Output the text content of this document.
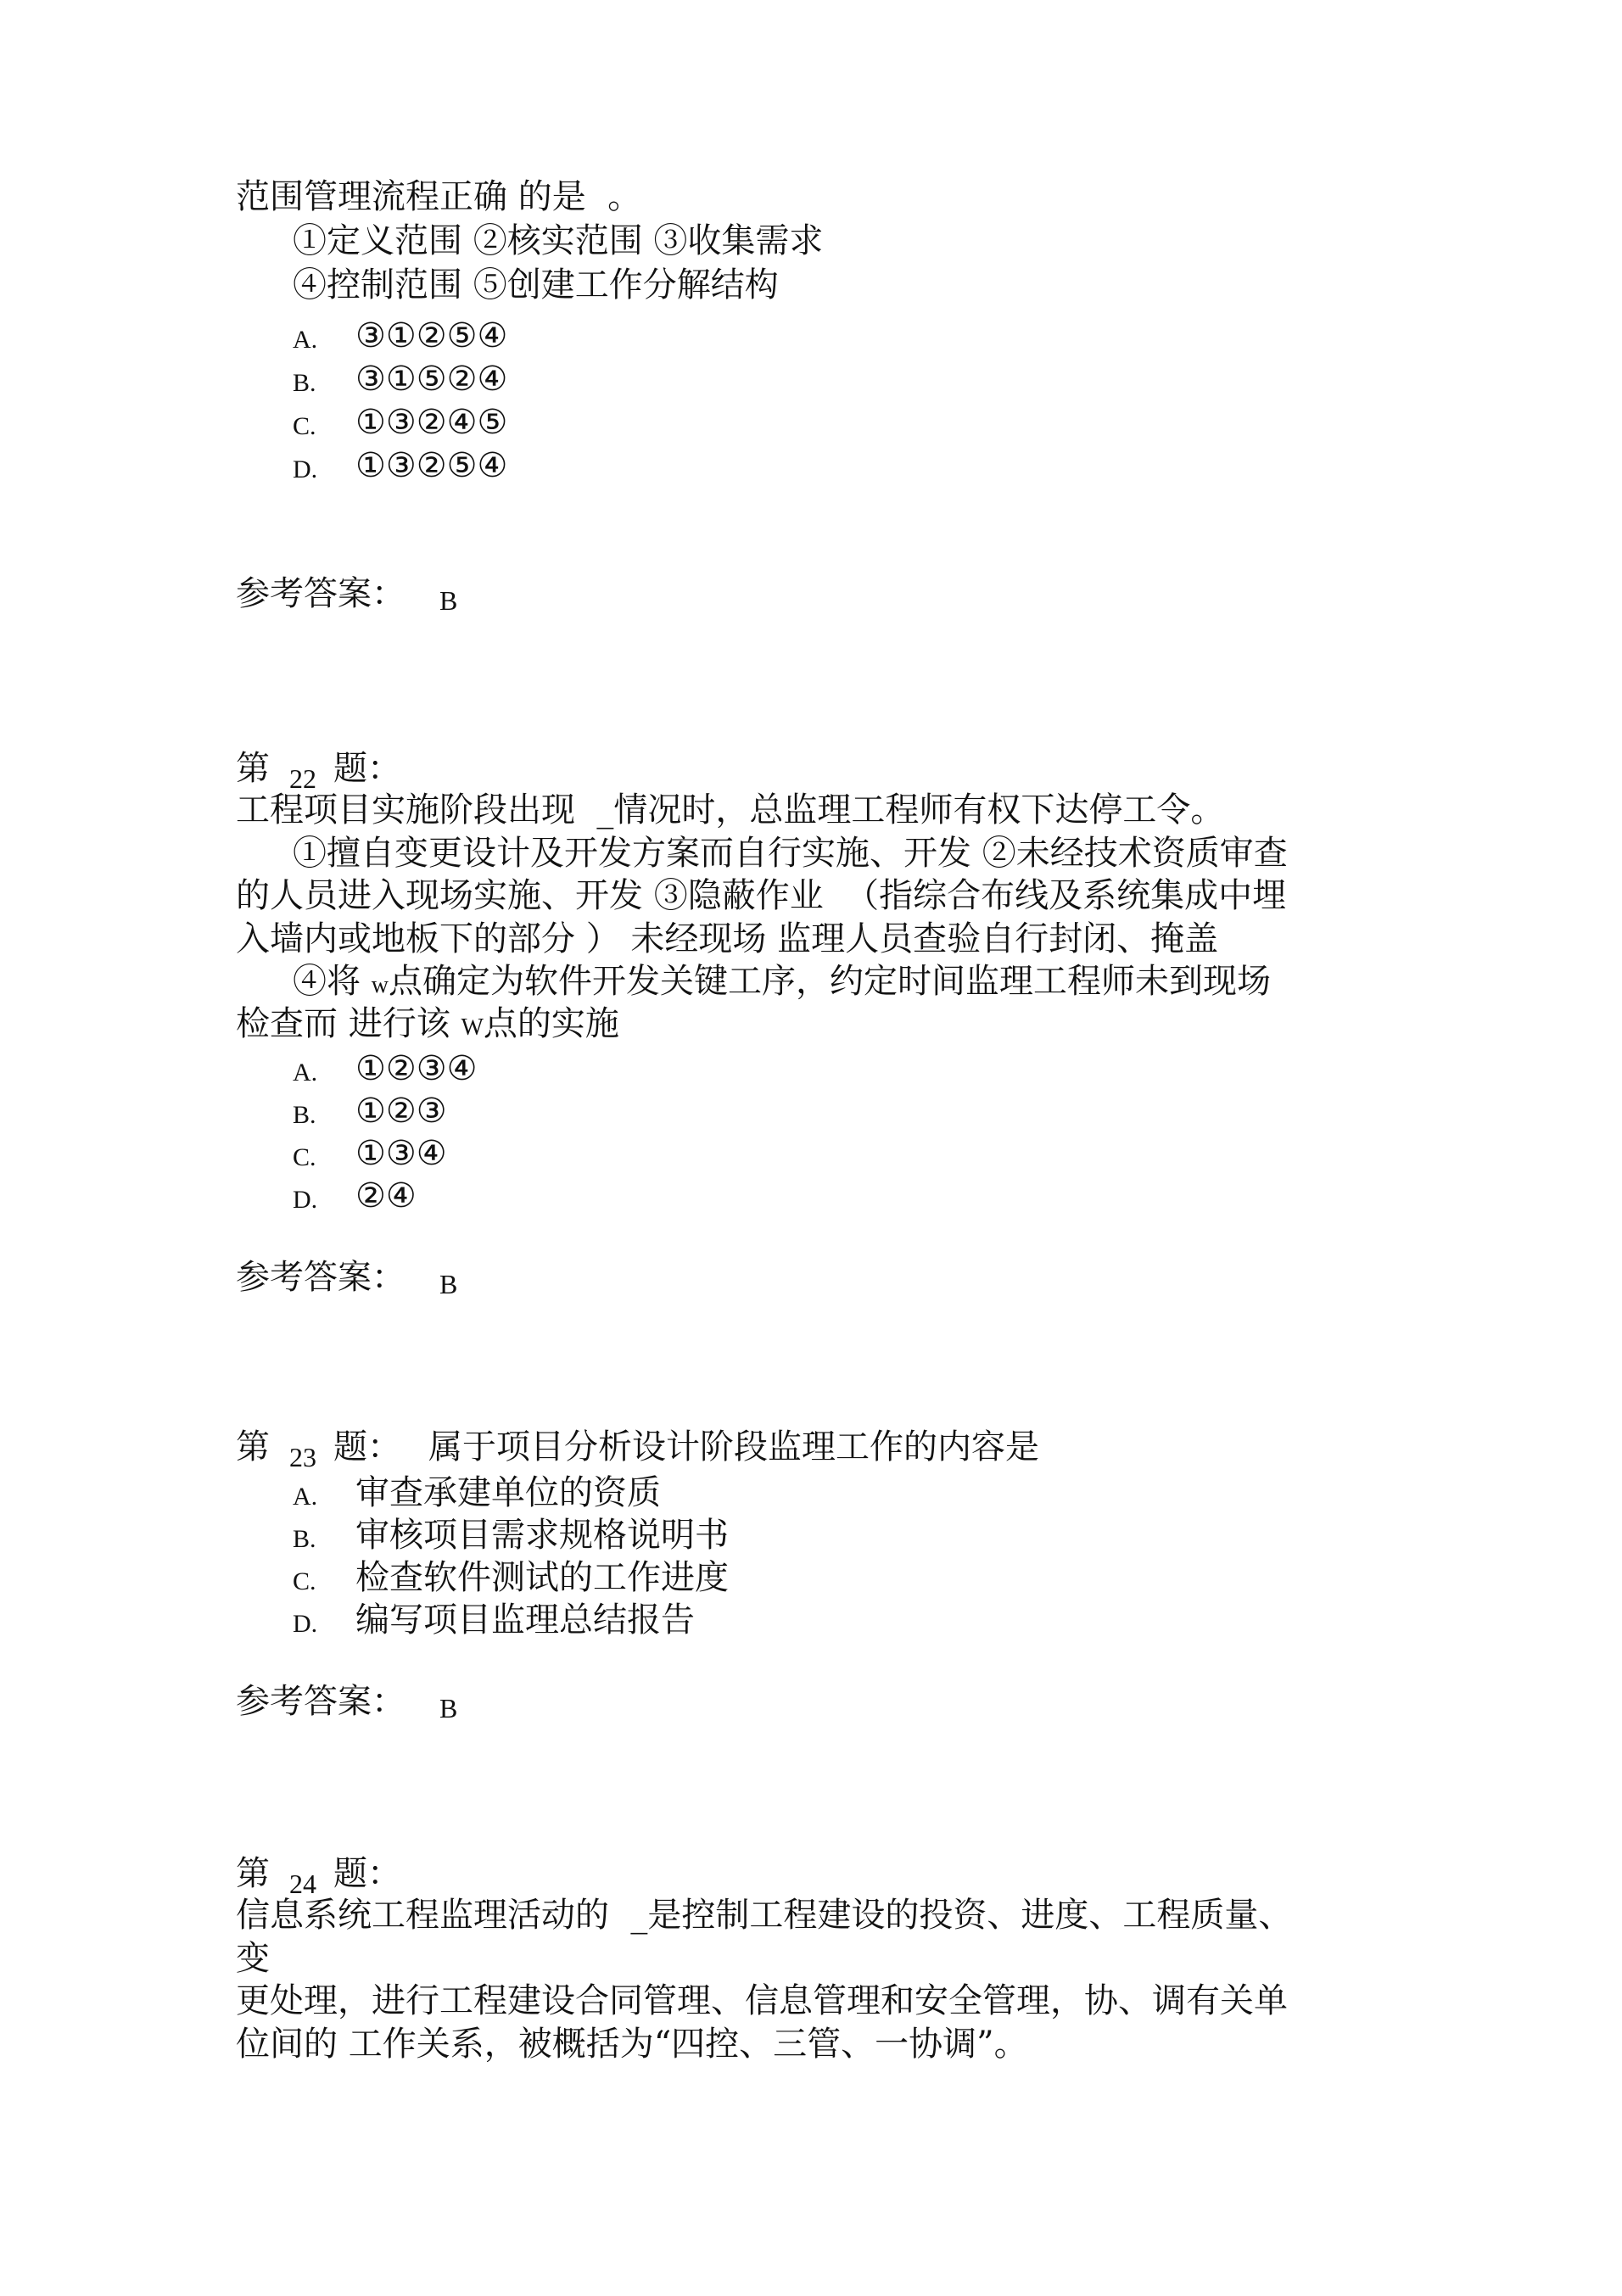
范围管理流程正确 的是  。
①定义范围 ②核实范围 ③收集需求
④控制范围 ⑤创建工作分解结构

A.

③①②⑤④

B.

③①⑤②④

C.

①③②④⑤

D.

①③②⑤④

参考答案：

B

第

22

题：

工程项目实施阶段出现  _情况时，总监理工程师有权下达停工令。
①擅自变更设计及开发方案而自行实施、开发 ②未经技术资质审查
的人员进入现场实施、开发 ③隐蔽作业  （指综合布线及系统集成中埋
入墙内或地板下的部分 ） 未经现场 监理人员查验自行封闭、掩盖
④将 w点确定为软件开发关键工序，约定时间监理工程师未到现场
检查而 进行该 W点的实施

A.

①②③④

B.

①②③

C.

①③④

D.

②④

参考答案：

B

第

23

题：

属于项目分析设计阶段监理工作的内容是

A.

审查承建单位的资质

B.

审核项目需求规格说明书

C.

检查软件测试的工作进度

D.

编写项目监理总结报告

参考答案：

B

第

24

题：

信息系统工程监理活动的  _是控制工程建设的投资、进度、工程质量、
变
更处理，进行工程建设合同管理、信息管理和安全管理，协、调有关单
位间的 工作关系，被概括为“四控、三管、一协调”。
